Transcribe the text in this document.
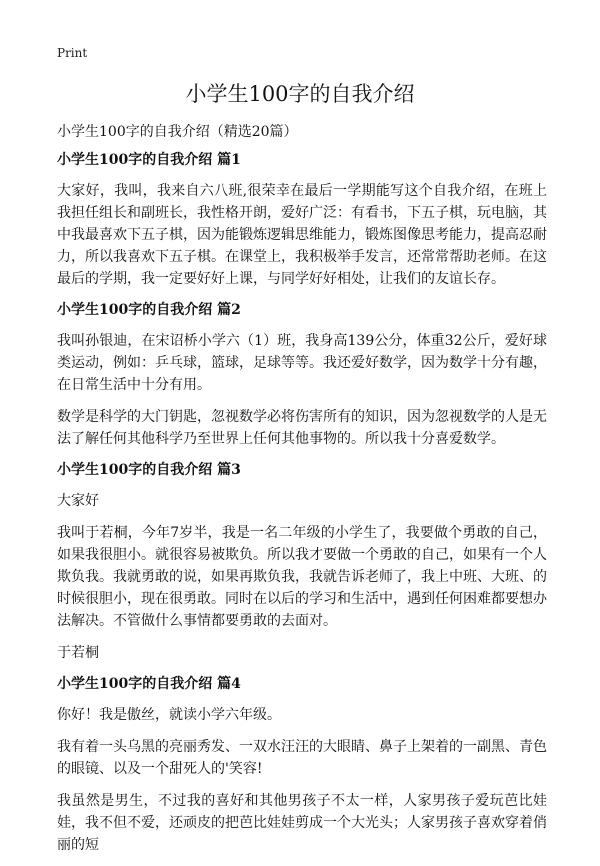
Print
小学生100字的自我介绍

小学生100字的自我介绍（精选20篇）

小学生100字的自我介绍 篇1

大家好，我叫，我来自六八班,很荣幸在最后一学期能写这个自我介绍，在班上我担任组长和副班长，我性格开朗，爱好广泛：有看书，下五子棋，玩电脑，其中我最喜欢下五子棋，因为能锻炼逻辑思维能力，锻炼图像思考能力，提高忍耐力，所以我喜欢下五子棋。在课堂上，我积极举手发言，还常常帮助老师。在这最后的学期，我一定要好好上课，与同学好好相处，让我们的友谊长存。

小学生100字的自我介绍 篇2

我叫孙银迪，在宋诏桥小学六（1）班，我身高139公分，体重32公斤，爱好球类运动，例如：乒乓球，篮球，足球等等。我还爱好数学，因为数学十分有趣，在日常生活中十分有用。

数学是科学的大门钥匙，忽视数学必将伤害所有的知识，因为忽视数学的人是无法了解任何其他科学乃至世界上任何其他事物的。所以我十分喜爱数学。

小学生100字的自我介绍 篇3

大家好

我叫于若桐，今年7岁半，我是一名二年级的小学生了，我要做个勇敢的自己，如果我很胆小。就很容易被欺负。所以我才要做一个勇敢的自己，如果有一个人欺负我。我就勇敢的说，如果再欺负我，我就告诉老师了，我上中班、大班、的时候很胆小，现在很勇敢。同时在以后的学习和生活中，遇到任何困难都要想办法解决。不管做什么事情都要勇敢的去面对。

于若桐

小学生100字的自我介绍 篇4

你好！我是傲丝，就读小学六年级。

我有着一头乌黑的亮丽秀发、一双水汪汪的大眼睛、鼻子上架着的一副黑、青色的眼镜、以及一个甜死人的'笑容!

我虽然是男生，不过我的喜好和其他男孩子不太一样，人家男孩子爱玩芭比娃娃，我不但不爱，还顽皮的把芭比娃娃剪成一个大光头；人家男孩子喜欢穿着俏丽的短
